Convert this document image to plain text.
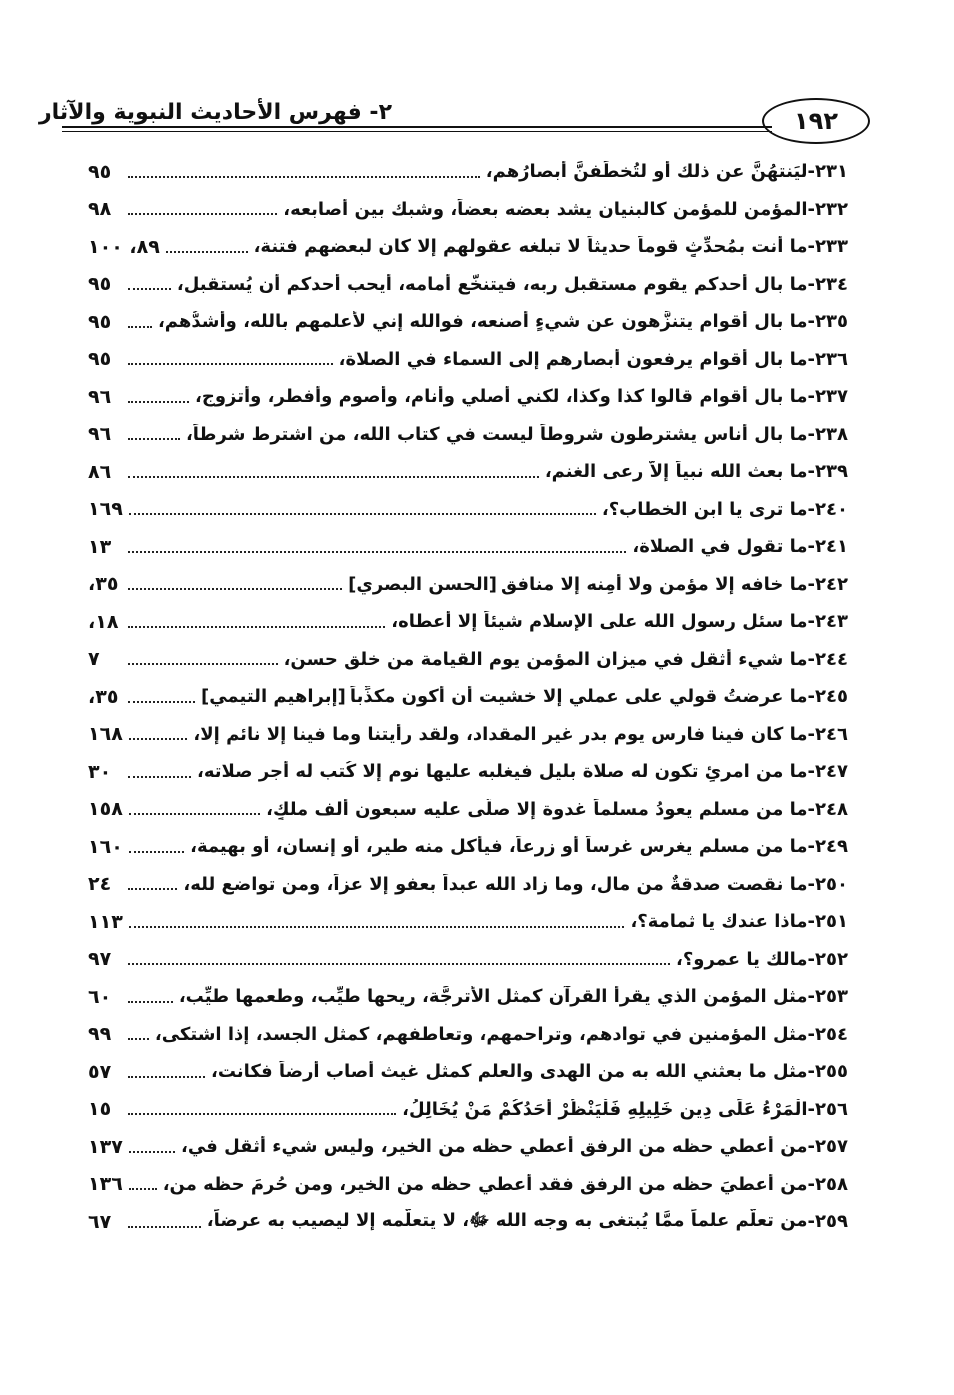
٢- فهرس الأحاديث النبوية والآثار	١٩٢
٩٥	ليَنتهُنَّ عن ذلك أو لتُخطَفنَّ أبصارُهم، ٢٣١-
٩٨	المؤمن للمؤمن كالبنيان يشد بعضه بعضاً، وشبك بين أصابعه، ٢٣٢-
٨٩، ١٠٠	ما أنت بمُحدِّثٍ قوماً حديثاً لا تبلغه عقولهم إلا كان لبعضهم فتنة، ٢٣٣-
٩٥	ما بال أحدكم يقوم مستقبل ربه، فيتنخَّع أمامه، أيحب أحدكم أن يُستقبل، ٢٣٤-
٩٥	ما بال أقوام يتنزَّهون عن شيءٍ أصنعه، فوالله إني لأعلمهم بالله، وأشدُّهم، ٢٣٥-
٩٥	ما بال أقوام يرفعون أبصارهم إلى السماء في الصلاة، ٢٣٦-
٩٦	ما بال أقوام قالوا كذا وكذا، لكني أصلي وأنام، وأصوم وأفطر، وأتزوج، ٢٣٧-
٩٦	ما بال أناسٍ يشترطون شروطاً ليست في كتاب الله، من اشترط شرطاً، ٢٣٨-
٨٦	ما بعث الله نبياً إلاَّ رعى الغنم، ٢٣٩-
١٦٩	ما ترى يا ابن الخطاب؟، ٢٤٠-
١٣	ما تقول في الصلاة، ٢٤١-
٣٥،	[الحسن البصري] ما خافه إلا مؤمن ولا أمِنه إلا منافق ٢٤٢-
١٨،	ما سئل رسول الله على الإسلام شيئاً إلا أعطاه، ٢٤٣-
٧	ما شيء أثقل في ميزان المؤمن يوم القيامة من خلق حسن، ٢٤٤-
٣٥،	[إبراهيم التيمي] ما عرضتُ قولي على عملي إلا خشيت أن أكون مكذِّباً ٢٤٥-
١٦٨	ما كان فينا فارس يوم بدرٍ غير المقداد، ولقد رأيتنا وما فينا إلا نائم إلا، ٢٤٦-
٣٠	ما من امرئٍ تكون له صلاة بليل فيغلبه عليها نوم إلا كُتب له أجر صلاته، ٢٤٧-
١٥٨	ما من مسلم يعودُ مسلماً غدوة إلا صلَّى عليه سبعون ألف ملكٍ، ٢٤٨-
١٦٠	ما من مسلم يغرس غرساً أو زرعاً، فيأكل منه طير، أو إنسان، أو بهيمة، ٢٤٩-
٢٤	ما نقصت صدقةٌ من مال، وما زاد الله عبداً بعفوٍ إلا عزاً، ومن تواضع لله، ٢٥٠-
١١٣	ماذا عندك يا ثمامة؟، ٢٥١-
٩٧	مالك يا عمرو؟، ٢٥٢-
٦٠	مثل المؤمن الذي يقرأ القرآن كمثل الأُترجَّة، ريحها طيِّب، وطعمها طيِّب، ٢٥٣-
٩٩	مثل المؤمنين في توادهم، وتراحمهم، وتعاطفهم، كمثل الجسد، إذا اشتكى، ٢٥٤-
٥٧	مثل ما بعثني الله به من الهدى والعلم كمثل غيث أصاب أرضاً فكانت، ٢٥٥-
١٥	الْمَرْءُ عَلَى دِينِ خَلِيلِهِ فَلْيَنْظُرْ أَحَدُكُمْ مَنْ يُخَالِلُ، ٢٥٦-
١٣٧	من أُعطي حظه من الرفق أعطي حظه من الخير، وليس شيء أثقل في، ٢٥٧-
١٣٦ من أُعطيَ حظه من الرفق فقد أعطي حظه من الخير، ومن حُرمَ حظه من، ٢٥٨-
٦٧	من تعلَّم علماً ممَّا يُبتغى به وجه الله ﷻ، لا يتعلَّمه إلا ليصيب به عرضاً، ٢٥٩-
